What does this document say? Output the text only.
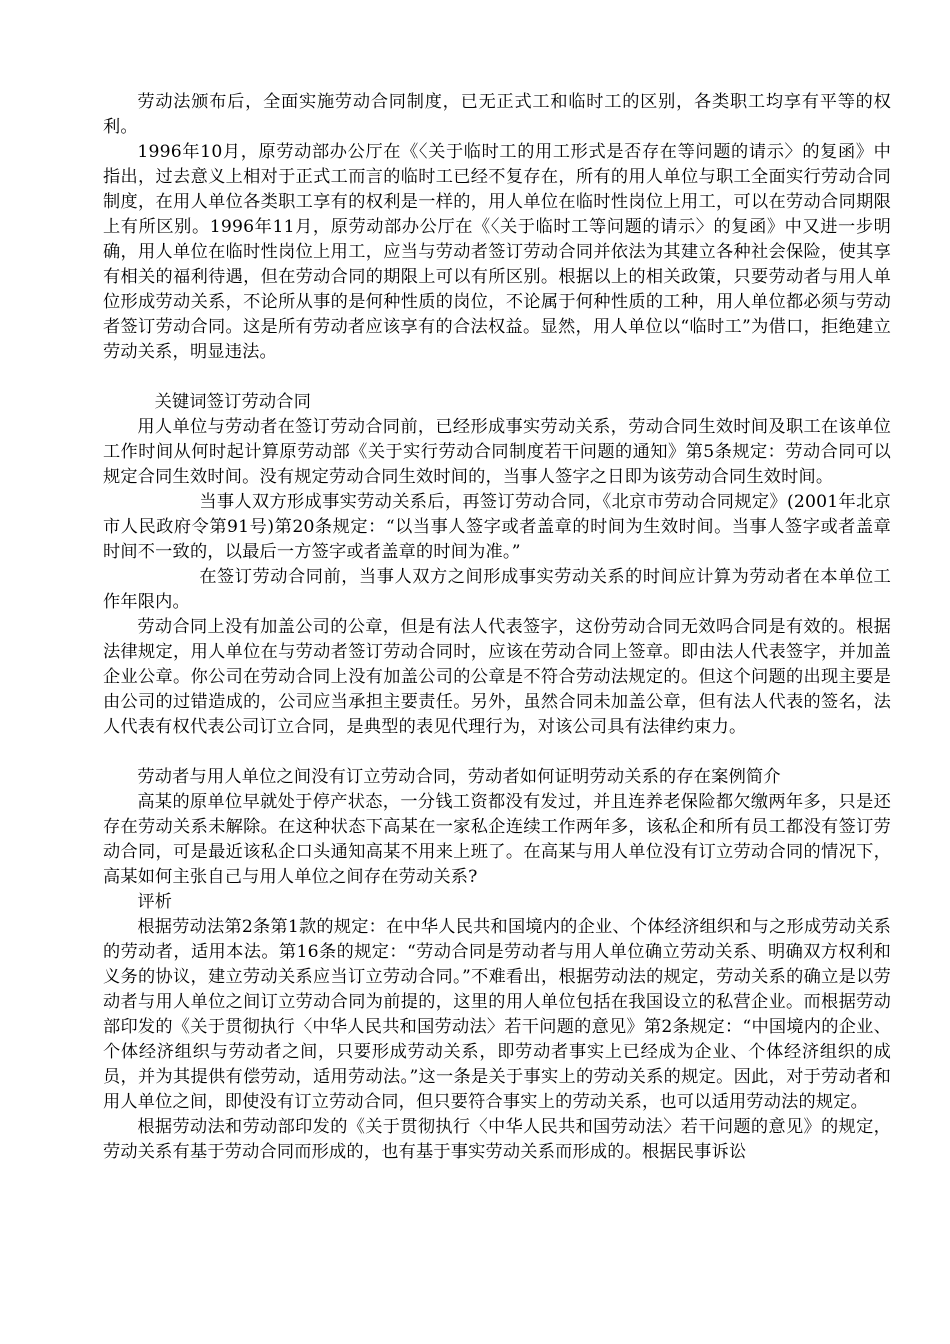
劳动法颁布后，全面实施劳动合同制度，已无正式工和临时工的区别，各类职工均享有平等的权利。

1996年10月，原劳动部办公厅在《〈关于临时工的用工形式是否存在等问题的请示〉的复函》中指出，过去意义上相对于正式工而言的临时工已经不复存在，所有的用人单位与职工全面实行劳动合同制度，在用人单位各类职工享有的权利是一样的，用人单位在临时性岗位上用工，可以在劳动合同期限上有所区别。1996年11月，原劳动部办公厅在《〈关于临时工等问题的请示〉的复函》中又进一步明确，用人单位在临时性岗位上用工，应当与劳动者签订劳动合同并依法为其建立各种社会保险，使其享有相关的福利待遇，但在劳动合同的期限上可以有所区别。根据以上的相关政策，只要劳动者与用人单位形成劳动关系，不论所从事的是何种性质的岗位，不论属于何种性质的工种，用人单位都必须与劳动者签订劳动合同。这是所有劳动者应该享有的合法权益。显然，用人单位以“临时工”为借口，拒绝建立劳动关系，明显违法。

关键词签订劳动合同

用人单位与劳动者在签订劳动合同前，已经形成事实劳动关系，劳动合同生效时间及职工在该单位工作时间从何时起计算原劳动部《关于实行劳动合同制度若干问题的通知》第5条规定：劳动合同可以规定合同生效时间。没有规定劳动合同生效时间的，当事人签字之日即为该劳动合同生效时间。

当事人双方形成事实劳动关系后，再签订劳动合同，《北京市劳动合同规定》(2001年北京市人民政府令第91号)第20条规定：“以当事人签字或者盖章的时间为生效时间。当事人签字或者盖章时间不一致的，以最后一方签字或者盖章的时间为准。”

在签订劳动合同前，当事人双方之间形成事实劳动关系的时间应计算为劳动者在本单位工作年限内。

劳动合同上没有加盖公司的公章，但是有法人代表签字，这份劳动合同无效吗合同是有效的。根据法律规定，用人单位在与劳动者签订劳动合同时，应该在劳动合同上签章。即由法人代表签字，并加盖企业公章。你公司在劳动合同上没有加盖公司的公章是不符合劳动法规定的。但这个问题的出现主要是由公司的过错造成的，公司应当承担主要责任。另外，虽然合同未加盖公章，但有法人代表的签名，法人代表有权代表公司订立合同，是典型的表见代理行为，对该公司具有法律约束力。

劳动者与用人单位之间没有订立劳动合同，劳动者如何证明劳动关系的存在案例简介

高某的原单位早就处于停产状态，一分钱工资都没有发过，并且连养老保险都欠缴两年多，只是还存在劳动关系未解除。在这种状态下高某在一家私企连续工作两年多，该私企和所有员工都没有签订劳动合同，可是最近该私企口头通知高某不用来上班了。在高某与用人单位没有订立劳动合同的情况下，高某如何主张自己与用人单位之间存在劳动关系?

评析

根据劳动法第2条第1款的规定：在中华人民共和国境内的企业、个体经济组织和与之形成劳动关系的劳动者，适用本法。第16条的规定：“劳动合同是劳动者与用人单位确立劳动关系、明确双方权利和义务的协议，建立劳动关系应当订立劳动合同。”不难看出，根据劳动法的规定，劳动关系的确立是以劳动者与用人单位之间订立劳动合同为前提的，这里的用人单位包括在我国设立的私营企业。而根据劳动部印发的《关于贯彻执行〈中华人民共和国劳动法〉若干问题的意见》第2条规定：“中国境内的企业、个体经济组织与劳动者之间，只要形成劳动关系，即劳动者事实上已经成为企业、个体经济组织的成员，并为其提供有偿劳动，适用劳动法。”这一条是关于事实上的劳动关系的规定。因此，对于劳动者和用人单位之间，即使没有订立劳动合同，但只要符合事实上的劳动关系，也可以适用劳动法的规定。

根据劳动法和劳动部印发的《关于贯彻执行〈中华人民共和国劳动法〉若干问题的意见》的规定，劳动关系有基于劳动合同而形成的，也有基于事实劳动关系而形成的。根据民事诉讼
